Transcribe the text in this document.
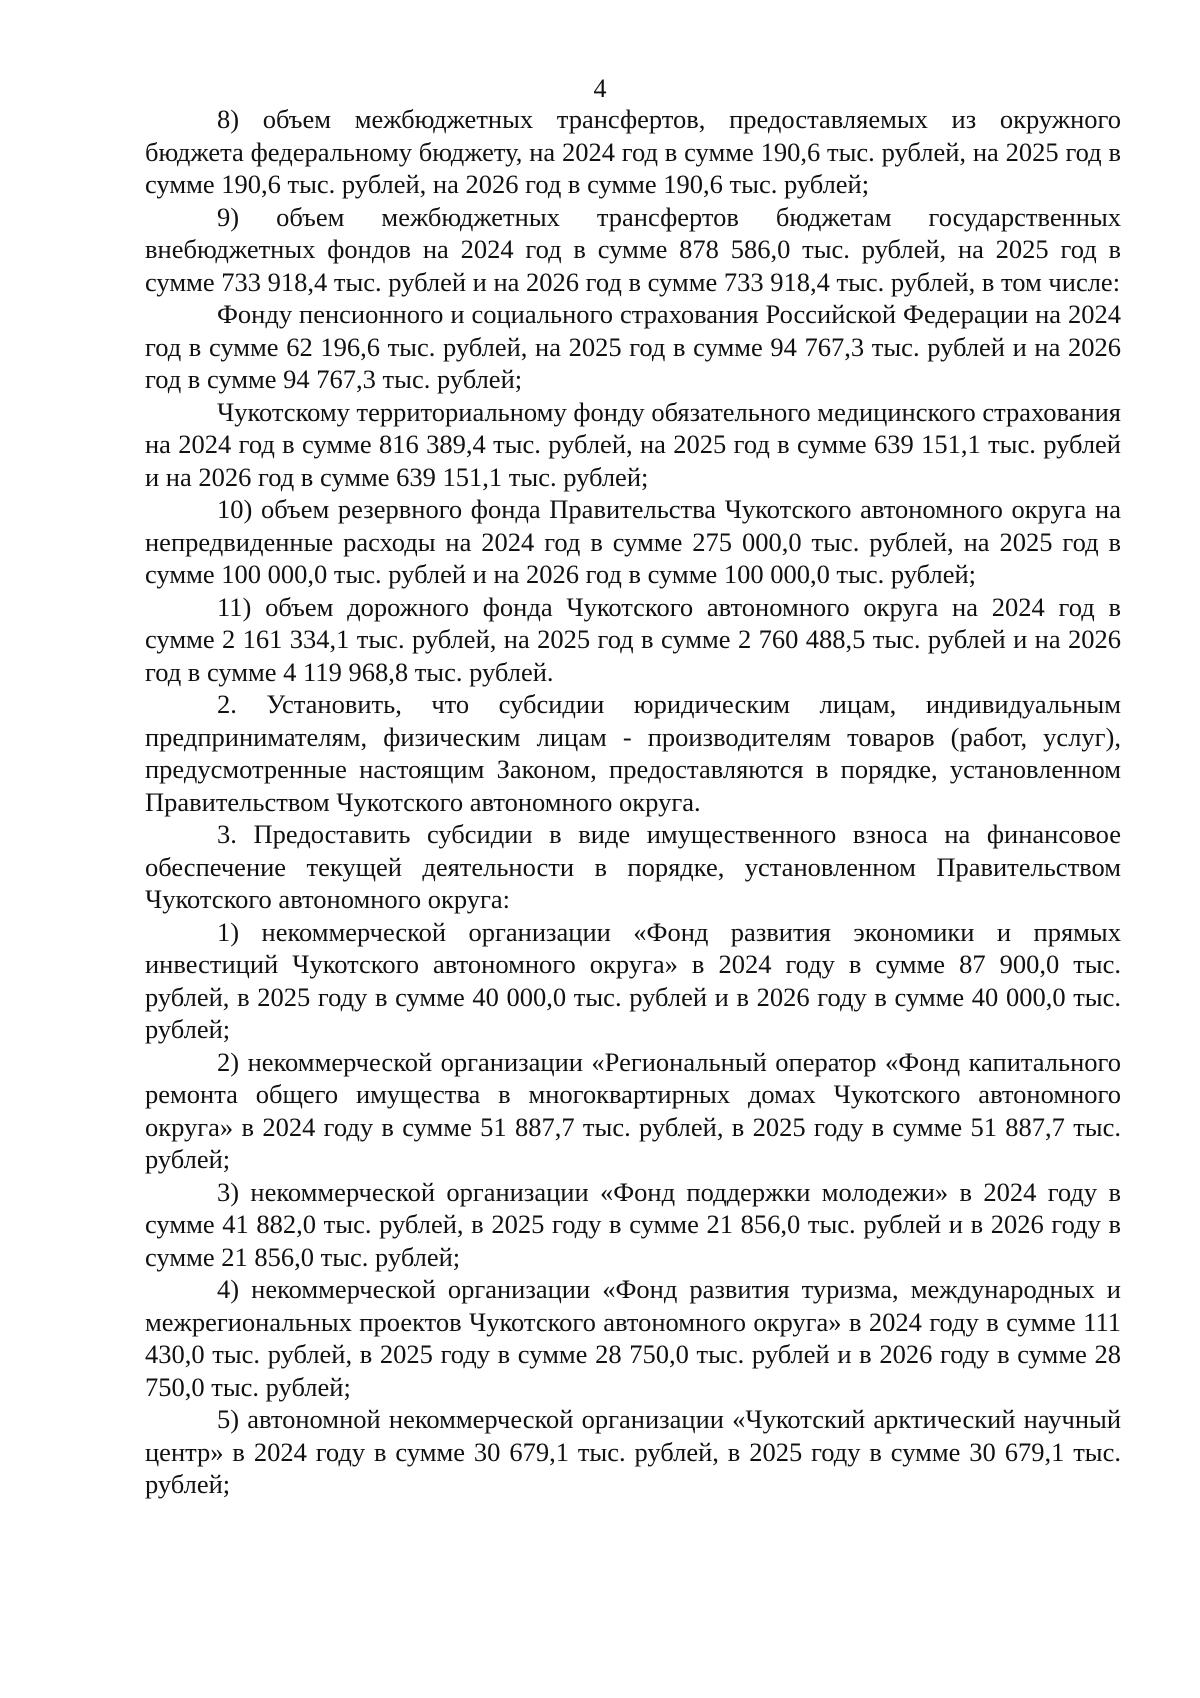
4

8) объем межбюджетных трансфертов, предоставляемых из окружного бюджета федеральному бюджету, на 2024 год в сумме 190,6 тыс. рублей, на 2025 год в сумме 190,6 тыс. рублей, на 2026 год в сумме 190,6 тыс. рублей;

9) объем межбюджетных трансфертов бюджетам государственных внебюджетных фондов на 2024 год в сумме 878 586,0 тыс. рублей, на 2025 год в сумме 733 918,4 тыс. рублей и на 2026 год в сумме 733 918,4 тыс. рублей, в том числе:

Фонду пенсионного и социального страхования Российской Федерации на 2024 год в сумме 62 196,6 тыс. рублей, на 2025 год в сумме 94 767,3 тыс. рублей и на 2026 год в сумме 94 767,3 тыс. рублей;

Чукотскому территориальному фонду обязательного медицинского страхования на 2024 год в сумме 816 389,4 тыс. рублей, на 2025 год в сумме 639 151,1 тыс. рублей и на 2026 год в сумме 639 151,1 тыс. рублей;

10) объем резервного фонда Правительства Чукотского автономного округа на непредвиденные расходы на 2024 год в сумме 275 000,0 тыс. рублей, на 2025 год в сумме 100 000,0 тыс. рублей и на 2026 год в сумме 100 000,0 тыс. рублей;

11) объем дорожного фонда Чукотского автономного округа на 2024 год в сумме 2 161 334,1 тыс. рублей, на 2025 год в сумме 2 760 488,5 тыс. рублей и на 2026 год в сумме 4 119 968,8 тыс. рублей.

2. Установить, что субсидии юридическим лицам, индивидуальным предпринимателям, физическим лицам - производителям товаров (работ, услуг), предусмотренные настоящим Законом, предоставляются в порядке, установленном Правительством Чукотского автономного округа.

3. Предоставить субсидии в виде имущественного взноса на финансовое обеспечение текущей деятельности в порядке, установленном Правительством Чукотского автономного округа:

1) некоммерческой организации «Фонд развития экономики и прямых инвестиций Чукотского автономного округа» в 2024 году в сумме 87 900,0 тыс. рублей, в 2025 году в сумме 40 000,0 тыс. рублей и в 2026 году в сумме 40 000,0 тыс. рублей;

2) некоммерческой организации «Региональный оператор «Фонд капитального ремонта общего имущества в многоквартирных домах Чукотского автономного округа» в 2024 году в сумме 51 887,7 тыс. рублей, в 2025 году в сумме 51 887,7 тыс. рублей;

3) некоммерческой организации «Фонд поддержки молодежи» в 2024 году в сумме 41 882,0 тыс. рублей, в 2025 году в сумме 21 856,0 тыс. рублей и в 2026 году в сумме 21 856,0 тыс. рублей;

4) некоммерческой организации «Фонд развития туризма, международных и межрегиональных проектов Чукотского автономного округа» в 2024 году в сумме 111 430,0 тыс. рублей, в 2025 году в сумме 28 750,0 тыс. рублей и в 2026 году в сумме 28 750,0 тыс. рублей;

5) автономной некоммерческой организации «Чукотский арктический научный центр» в 2024 году в сумме 30 679,1 тыс. рублей, в 2025 году в сумме 30 679,1 тыс. рублей;
